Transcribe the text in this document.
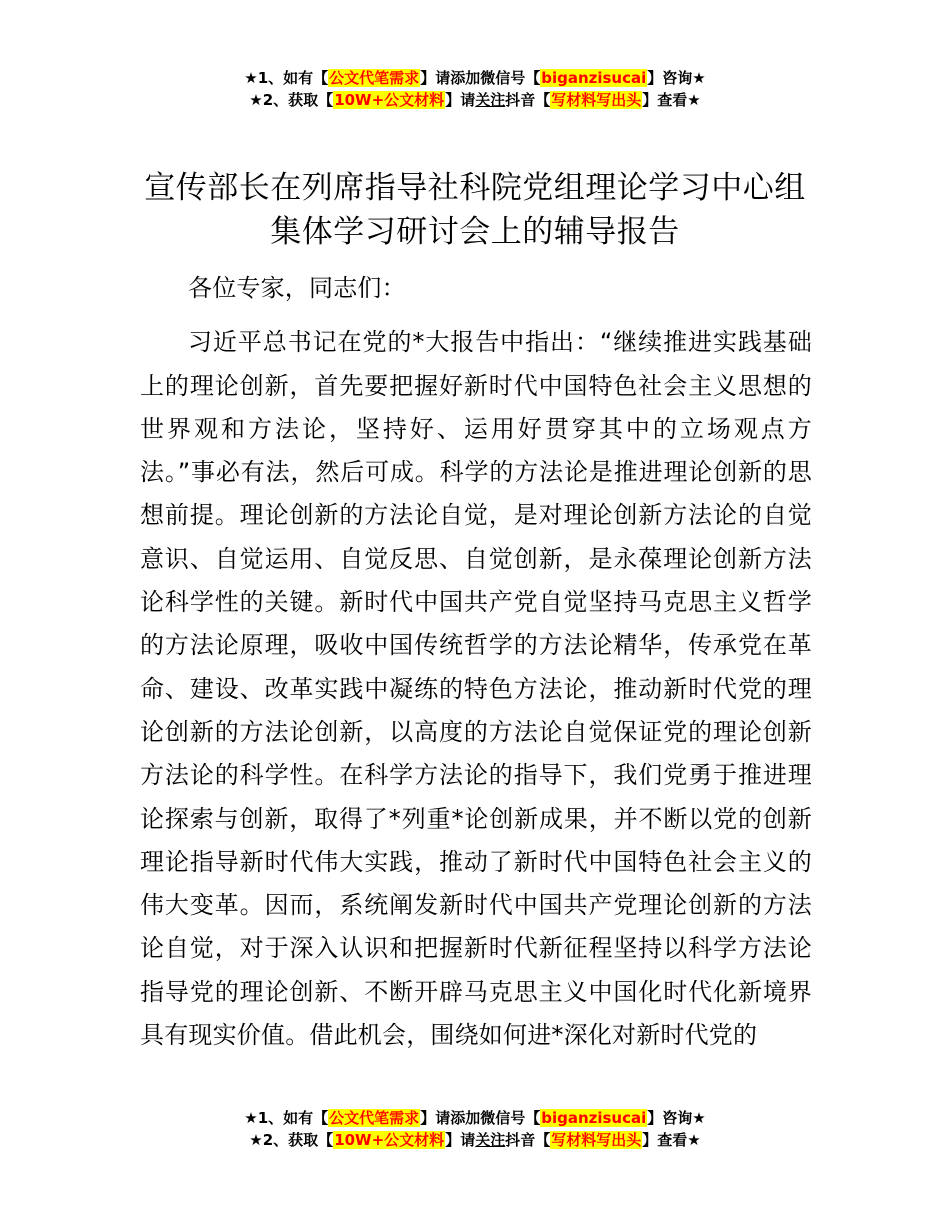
★1、如有【公文代笔需求】请添加微信号【biganzisucai】咨询★
★2、获取【10W+公文材料】请关注抖音【写材料写出头】查看★
宣传部长在列席指导社科院党组理论学习中心组集体学习研讨会上的辅导报告

各位专家，同志们：

习近平总书记在党的*大报告中指出：“继续推进实践基础上的理论创新，首先要把握好新时代中国特色社会主义思想的世界观和方法论，坚持好、运用好贯穿其中的立场观点方法。”事必有法，然后可成。科学的方法论是推进理论创新的思想前提。理论创新的方法论自觉，是对理论创新方法论的自觉意识、自觉运用、自觉反思、自觉创新，是永葆理论创新方法论科学性的关键。新时代中国共产党自觉坚持马克思主义哲学的方法论原理，吸收中国传统哲学的方法论精华，传承党在革命、建设、改革实践中凝练的特色方法论，推动新时代党的理论创新的方法论创新，以高度的方法论自觉保证党的理论创新方法论的科学性。在科学方法论的指导下，我们党勇于推进理论探索与创新，取得了*列重*论创新成果，并不断以党的创新理论指导新时代伟大实践，推动了新时代中国特色社会主义的伟大变革。因而，系统阐发新时代中国共产党理论创新的方法论自觉，对于深入认识和把握新时代新征程坚持以科学方法论指导党的理论创新、不断开辟马克思主义中国化时代化新境界具有现实价值。借此机会，围绕如何进*深化对新时代党的

★1、如有【公文代笔需求】请添加微信号【biganzisucai】咨询★
★2、获取【10W+公文材料】请关注抖音【写材料写出头】查看★
